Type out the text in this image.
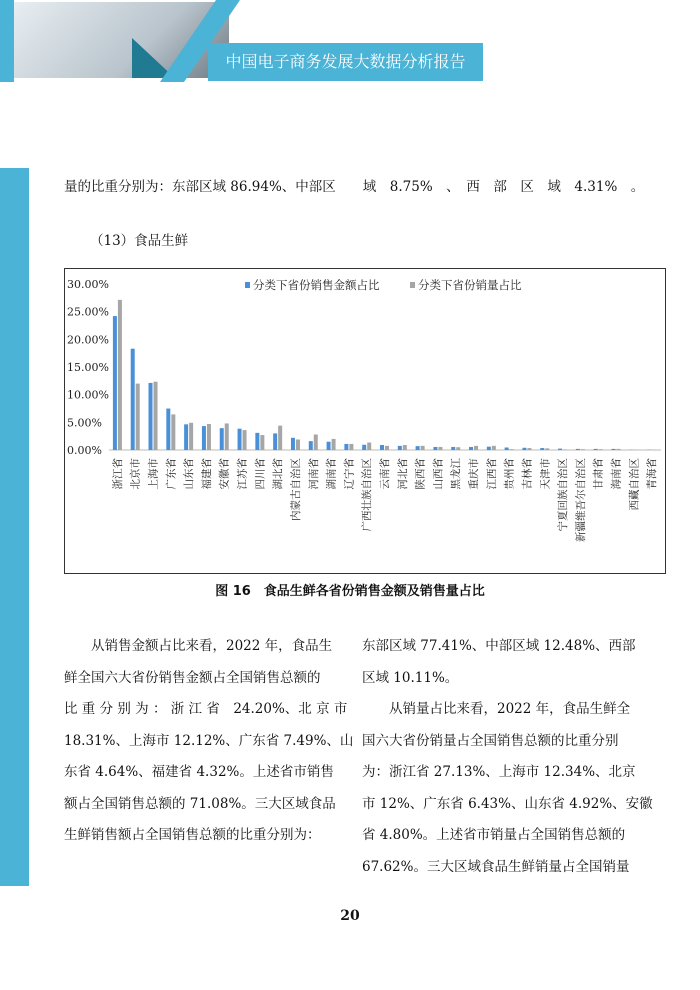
中国电子商务发展大数据分析报告
量的比重分别为：东部区域 86.94%、中部区　　域　8.75%　、　西　部　区　域　4.31%　。
（13）食品生鲜
0.00%
5.00%
10.00%
15.00%
20.00%
25.00%
30.00%
浙江省 北京市 上海市 广东省 山东省 福建省 安徽省 江苏省 四川省 湖北省 内蒙古自治区 河南省 湖南省 辽宁省 广西壮族自治区 云南省 河北省 陕西省 山西省 黑龙江 重庆市 江西省 贵州省 吉林省 天津市 宁夏回族自治区 新疆维吾尔自治区 甘肃省 海南省 西藏自治区 青海省
分类下省份销售金额占比	分类下省份销量占比
图 16　食品生鲜各省份销售金额及销售量占比
　　从销售金额占比来看，2022 年，食品生
鲜全国六大省份销售金额占全国销售总额的
比 重 分 别 为 ： 浙 江 省　24.20%、北 京 市
18.31%、上海市 12.12%、广东省 7.49%、山
东省 4.64%、福建省 4.32%。上述省市销售
额占全国销售总额的 71.08%。三大区域食品
生鲜销售额占全国销售总额的比重分别为：
东部区域 77.41%、中部区域 12.48%、西部
区域 10.11%。
　　从销量占比来看，2022 年，食品生鲜全
国六大省份销量占全国销售总额的比重分别
为：浙江省 27.13%、上海市 12.34%、北京
市 12%、广东省 6.43%、山东省 4.92%、安徽
省 4.80%。上述省市销量占全国销售总额的
67.62%。三大区域食品生鲜销量占全国销量
20
